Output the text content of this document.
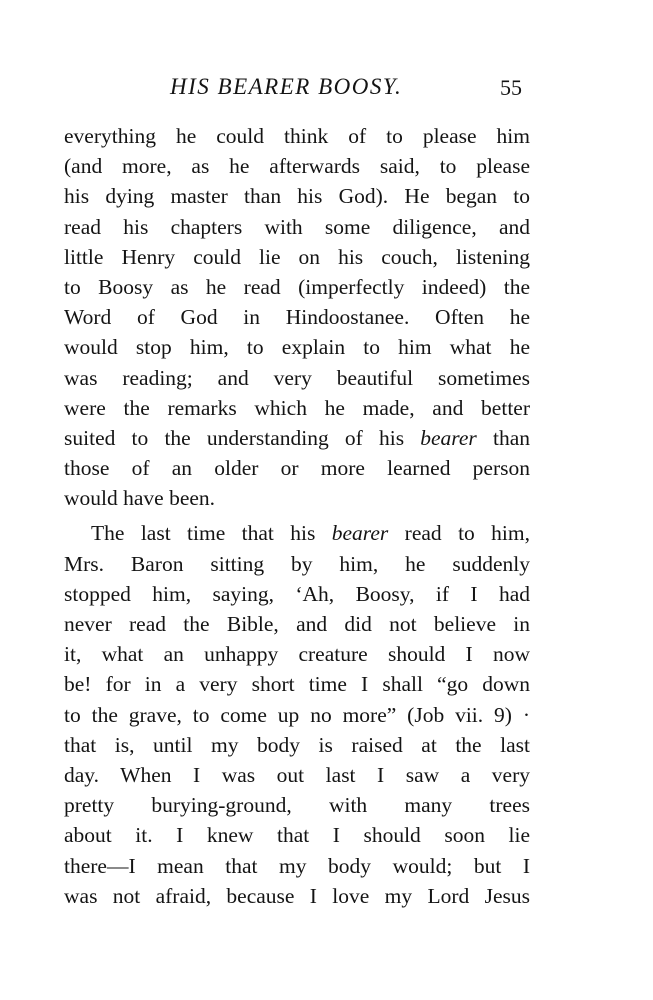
HIS BEARER BOOSY.	55
everything he could think of to please him
(and more, as he afterwards said, to please
his dying master than his God). He began to
read his chapters with some diligence, and
little Henry could lie on his couch, listening
to Boosy as he read (imperfectly indeed) the
Word of God in Hindoostanee. Often he
would stop him, to explain to him what he
was reading; and very beautiful sometimes
were the remarks which he made, and better
suited to the understanding of his bearer than
those of an older or more learned person
would have been.
The last time that his bearer read to him,
Mrs. Baron sitting by him, he suddenly
stopped him, saying, ‘Ah, Boosy, if I had
never read the Bible, and did not believe in
it, what an unhappy creature should I now
be! for in a very short time I shall “go down
to the grave, to come up no more” (Job vii. 9) ·
that is, until my body is raised at the last
day. When I was out last I saw a very
pretty burying-ground, with many trees
about it. I knew that I should soon lie
there—I mean that my body would; but I
was not afraid, because I love my Lord Jesus
